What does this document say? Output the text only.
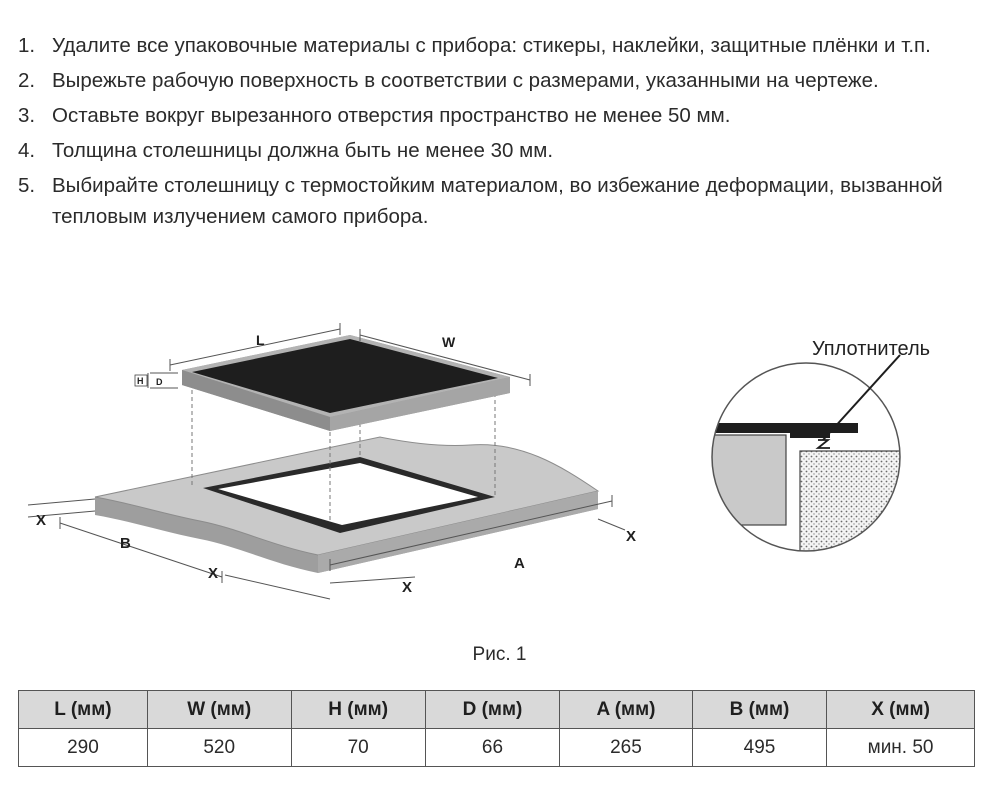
1. Удалите все упаковочные материалы с прибора: стикеры, наклейки, защитные плёнки и т.п.
2. Вырежьте рабочую поверхность в соответствии с размерами, указанными на чертеже.
3. Оставьте вокруг вырезанного отверстия пространство не менее 50 мм.
4. Толщина столешницы должна быть не менее 30 мм.
5. Выбирайте столешницу с термостойким материалом, во избежание деформации, вызванной тепловым излучением самого прибора.
H D
L	W
X
B
X
X
A
X
Уплотнитель
Рис. 1
L (мм)	W (мм)	H (мм)	D (мм)	A (мм)	B (мм)	X (мм)
290	520	70	66	265	495	мин. 50
